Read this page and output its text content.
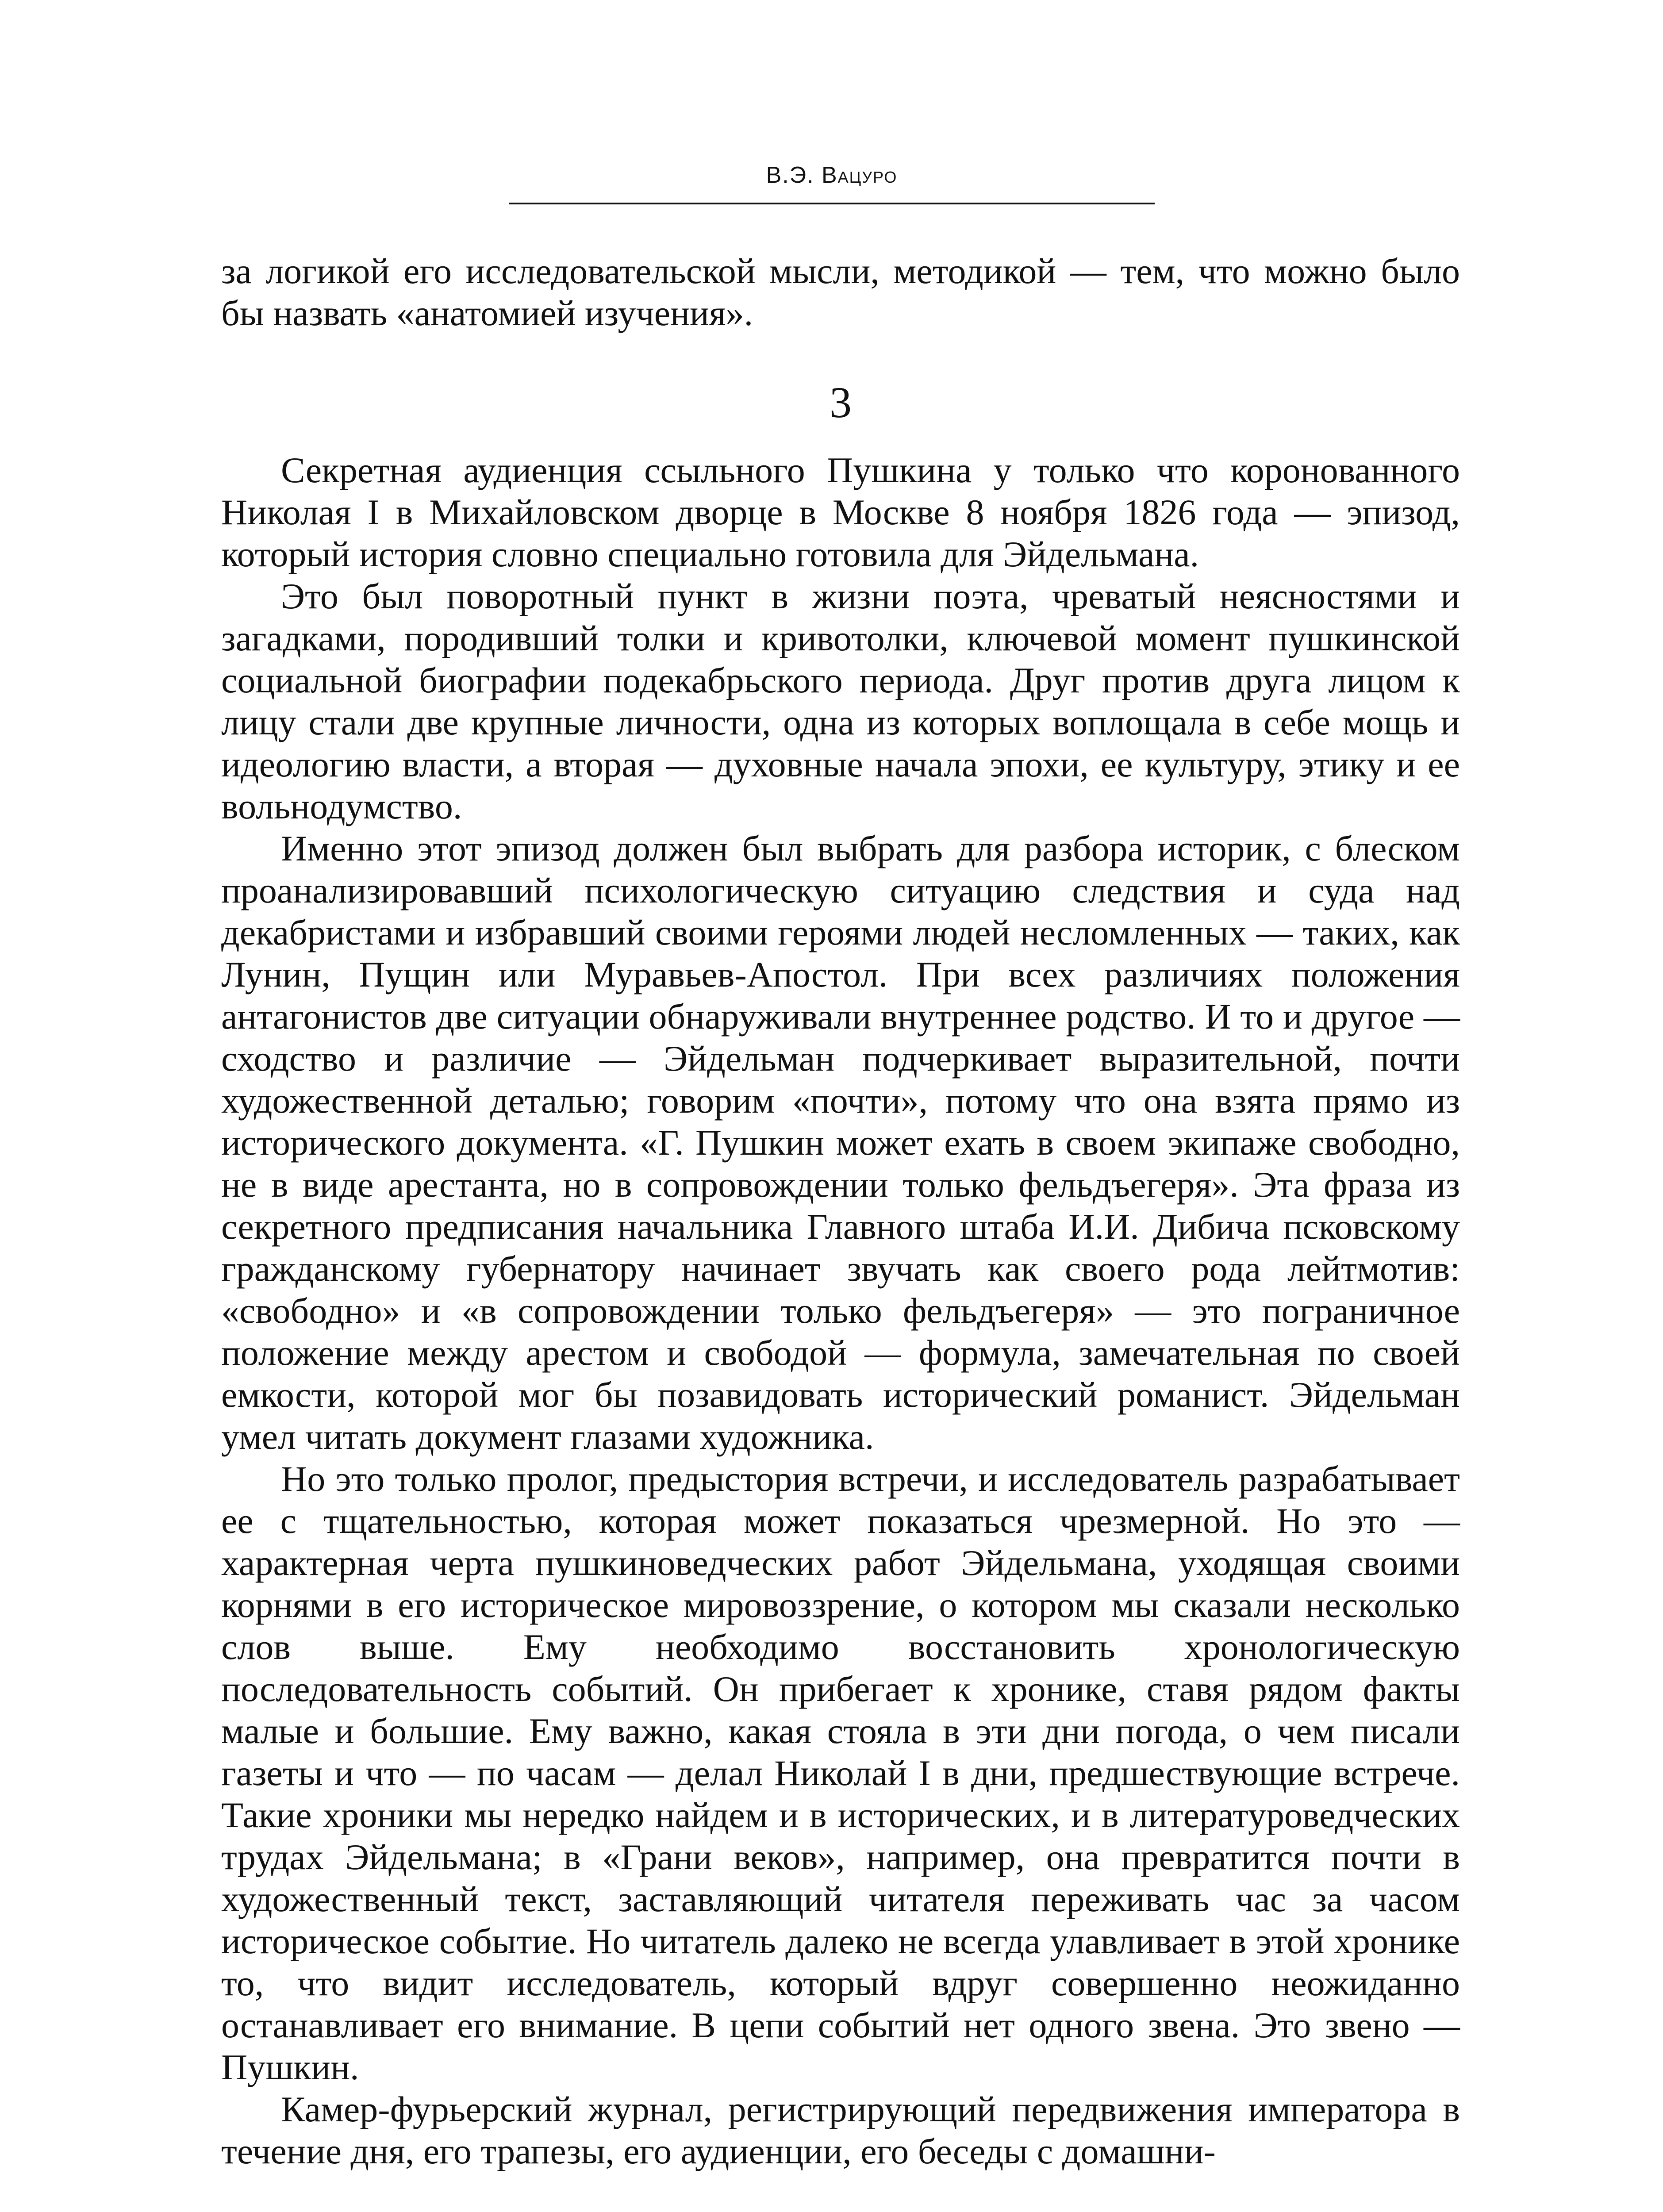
В.Э. Вацуро

за логикой его исследовательской мысли, методикой — тем, что можно было бы назвать «анатомией изучения».

3

Секретная аудиенция ссыльного Пушкина у только что коронованного Николая I в Михайловском дворце в Москве 8 ноября 1826 года — эпизод, который история словно специально готовила для Эйдельмана.

Это был поворотный пункт в жизни поэта, чреватый неясностями и загадками, породивший толки и кривотолки, ключевой момент пушкинской социальной биографии подекабрьского периода. Друг против друга лицом к лицу стали две крупные личности, одна из которых воплощала в себе мощь и идеологию власти, а вторая — духовные начала эпохи, ее культуру, этику и ее вольнодумство.

Именно этот эпизод должен был выбрать для разбора историк, с блеском проанализировавший психологическую ситуацию следствия и суда над декабристами и избравший своими героями людей несломленных — таких, как Лунин, Пущин или Муравьев-Апостол. При всех различиях положения антагонистов две ситуации обнаруживали внутреннее родство. И то и другое — сходство и различие — Эйдельман подчеркивает выразительной, почти художественной деталью; говорим «почти», потому что она взята прямо из исторического документа. «Г. Пушкин может ехать в своем экипаже свободно, не в виде арестанта, но в сопровождении только фельдъегеря». Эта фраза из секретного предписания начальника Главного штаба И.И. Дибича псковскому гражданскому губернатору начинает звучать как своего рода лейтмотив: «свободно» и «в сопровождении только фельдъегеря» — это пограничное положение между арестом и свободой — формула, замечательная по своей емкости, которой мог бы позавидовать исторический романист. Эйдельман умел читать документ глазами художника.

Но это только пролог, предыстория встречи, и исследователь разрабатывает ее с тщательностью, которая может показаться чрезмерной. Но это — характерная черта пушкиноведческих работ Эйдельмана, уходящая своими корнями в его историческое мировоззрение, о котором мы сказали несколько слов выше. Ему необходимо восстановить хронологическую последовательность событий. Он прибегает к хронике, ставя рядом факты малые и большие. Ему важно, какая стояла в эти дни погода, о чем писали газеты и что — по часам — делал Николай I в дни, предшествующие встрече. Такие хроники мы нередко найдем и в исторических, и в литературоведческих трудах Эйдельмана; в «Грани веков», например, она превратится почти в художественный текст, заставляющий читателя переживать час за часом историческое событие. Но читатель далеко не всегда улавливает в этой хронике то, что видит исследователь, который вдруг совершенно неожиданно останавливает его внимание. В цепи событий нет одного звена. Это звено — Пушкин.

Камер-фурьерский журнал, регистрирующий передвижения императора в течение дня, его трапезы, его аудиенции, его беседы с домашни-
